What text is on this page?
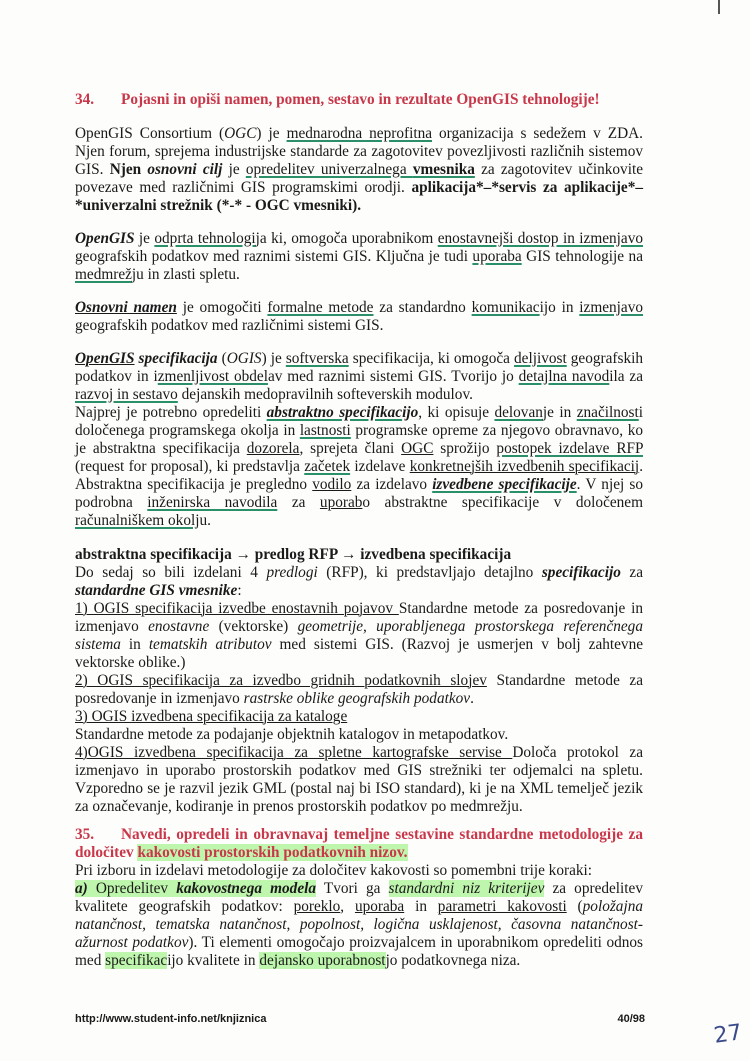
34. Pojasni in opiši namen, pomen, sestavo in rezultate OpenGIS tehnologije!
OpenGIS Consortium (OGC) je mednarodna neprofitna organizacija s sedežem v ZDA. Njen forum, sprejema industrijske standarde za zagotovitev povezljivosti različnih sistemov GIS. Njen osnovni cilj je opredelitev univerzalnega vmesnika za zagotovitev učinkovite povezave med različnimi GIS programskimi orodji. aplikacija*–*servis za aplikacije*–*univerzalni strežnik (*-* - OGC vmesniki).
OpenGIS je odprta tehnologija ki, omogoča uporabnikom enostavnejši dostop in izmenjavo geografskih podatkov med raznimi sistemi GIS. Ključna je tudi uporaba GIS tehnologije na medmrežju in zlasti spletu.
Osnovni namen je omogočiti formalne metode za standardno komunikacijo in izmenjavo geografskih podatkov med različnimi sistemi GIS.
OpenGIS specifikacija (OGIS) je softverska specifikacija, ki omogoča deljivost geografskih podatkov in izmenljivost obdelav med raznimi sistemi GIS. Tvorijo jo detajlna navodila za razvoj in sestavo dejanskih medopravilnih softeverskih modulov.
Najprej je potrebno opredeliti abstraktno specifikacijo, ki opisuje delovanje in značilnosti določenega programskega okolja in lastnosti programske opreme za njegovo obravnavo, ko je abstraktna specifikacija dozorela, sprejeta člani OGC sprožijo postopek izdelave RFP (request for proposal), ki predstavlja začetek izdelave konkretnejših izvedbenih specifikacij. Abstraktna specifikacija je pregledno vodilo za izdelavo izvedbene specifikacije. V njej so podrobna inženirska navodila za uporabo abstraktne specifikacije v določenem računalniškem okolju.
abstraktna specifikacija → predlog RFP → izvedbena specifikacija
Do sedaj so bili izdelani 4 predlogi (RFP), ki predstavljajo detajlno specifikacijo za standardne GIS vmesnike:
1) OGIS specifikacija izvedbe enostavnih pojavov Standardne metode za posredovanje in izmenjavo enostavne (vektorske) geometrije, uporabljenega prostorskega referenčnega sistema in tematskih atributov med sistemi GIS. (Razvoj je usmerjen v bolj zahtevne vektorske oblike.)
2) OGIS specifikacija za izvedbo gridnih podatkovnih slojev Standardne metode za posredovanje in izmenjavo rastrske oblike geografskih podatkov.
3) OGIS izvedbena specifikacija za kataloge
Standardne metode za podajanje objektnih katalogov in metapodatkov.
4)OGIS izvedbena specifikacija za spletne kartografske servise Določa protokol za izmenjavo in uporabo prostorskih podatkov med GIS strežniki ter odjemalci na spletu. Vzporedno se je razvil jezik GML (postal naj bi ISO standard), ki je na XML temelječ jezik za označevanje, kodiranje in prenos prostorskih podatkov po medmrežju.
35. Navedi, opredeli in obravnavaj temeljne sestavine standardne metodologije za določitev kakovosti prostorskih podatkovnih nizov.
Pri izboru in izdelavi metodologije za določitev kakovosti so pomembni trije koraki:
a) Opredelitev kakovostnega modela Tvori ga standardni niz kriterijev za opredelitev kvalitete geografskih podatkov: poreklo, uporaba in parametri kakovosti (položajna natančnost, tematska natančnost, popolnost, logična usklajenost, časovna natančnost-ažurnost podatkov). Ti elementi omogočajo proizvajalcem in uporabnikom opredeliti odnos med specifikacijo kvalitete in dejansko uporabnostjo podatkovnega niza.
http://www.student-info.net/knjiznica	40/98
27
